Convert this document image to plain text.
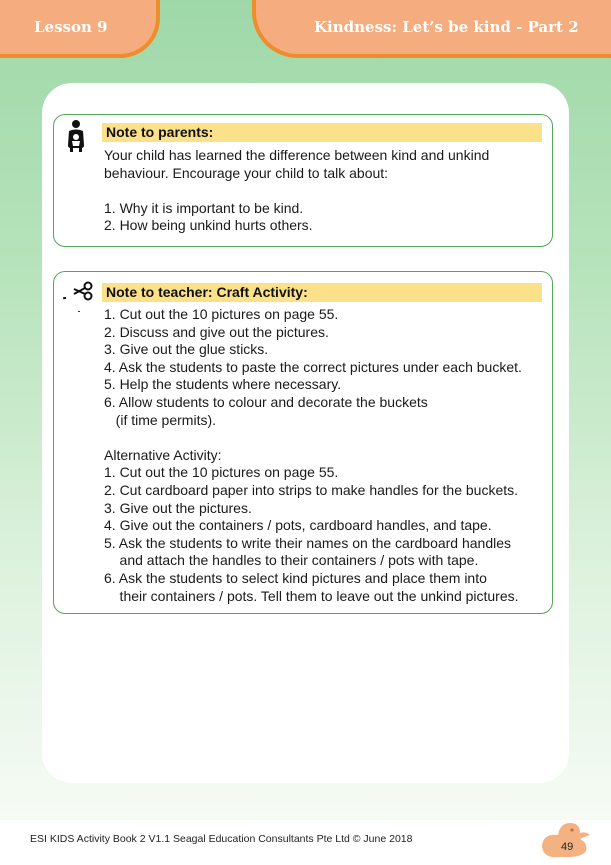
Lesson 9	Kindness: Let’s be kind - Part 2
Note to parents:
Your child has learned the difference between kind and unkind
behaviour. Encourage your child to talk about:
1. Why it is important to be kind.
2. How being unkind hurts others.
Note to teacher: Craft Activity:
1. Cut out the 10 pictures on page 55.
2. Discuss and give out the pictures.
3. Give out the glue sticks.
4. Ask the students to paste the correct pictures under each bucket.
5. Help the students where necessary.
6. Allow students to colour and decorate the buckets
(if time permits).
Alternative Activity:
1. Cut out the 10 pictures on page 55.
2. Cut cardboard paper into strips to make handles for the buckets.
3. Give out the pictures.
4. Give out the containers / pots, cardboard handles, and tape.
5. Ask the students to write their names on the cardboard handles
and attach the handles to their containers / pots with tape.
6. Ask the students to select kind pictures and place them into
their containers / pots. Tell them to leave out the unkind pictures.
ESI KIDS Activity Book 2 V1.1 Seagal Education Consultants Pte Ltd © June 2018
49
